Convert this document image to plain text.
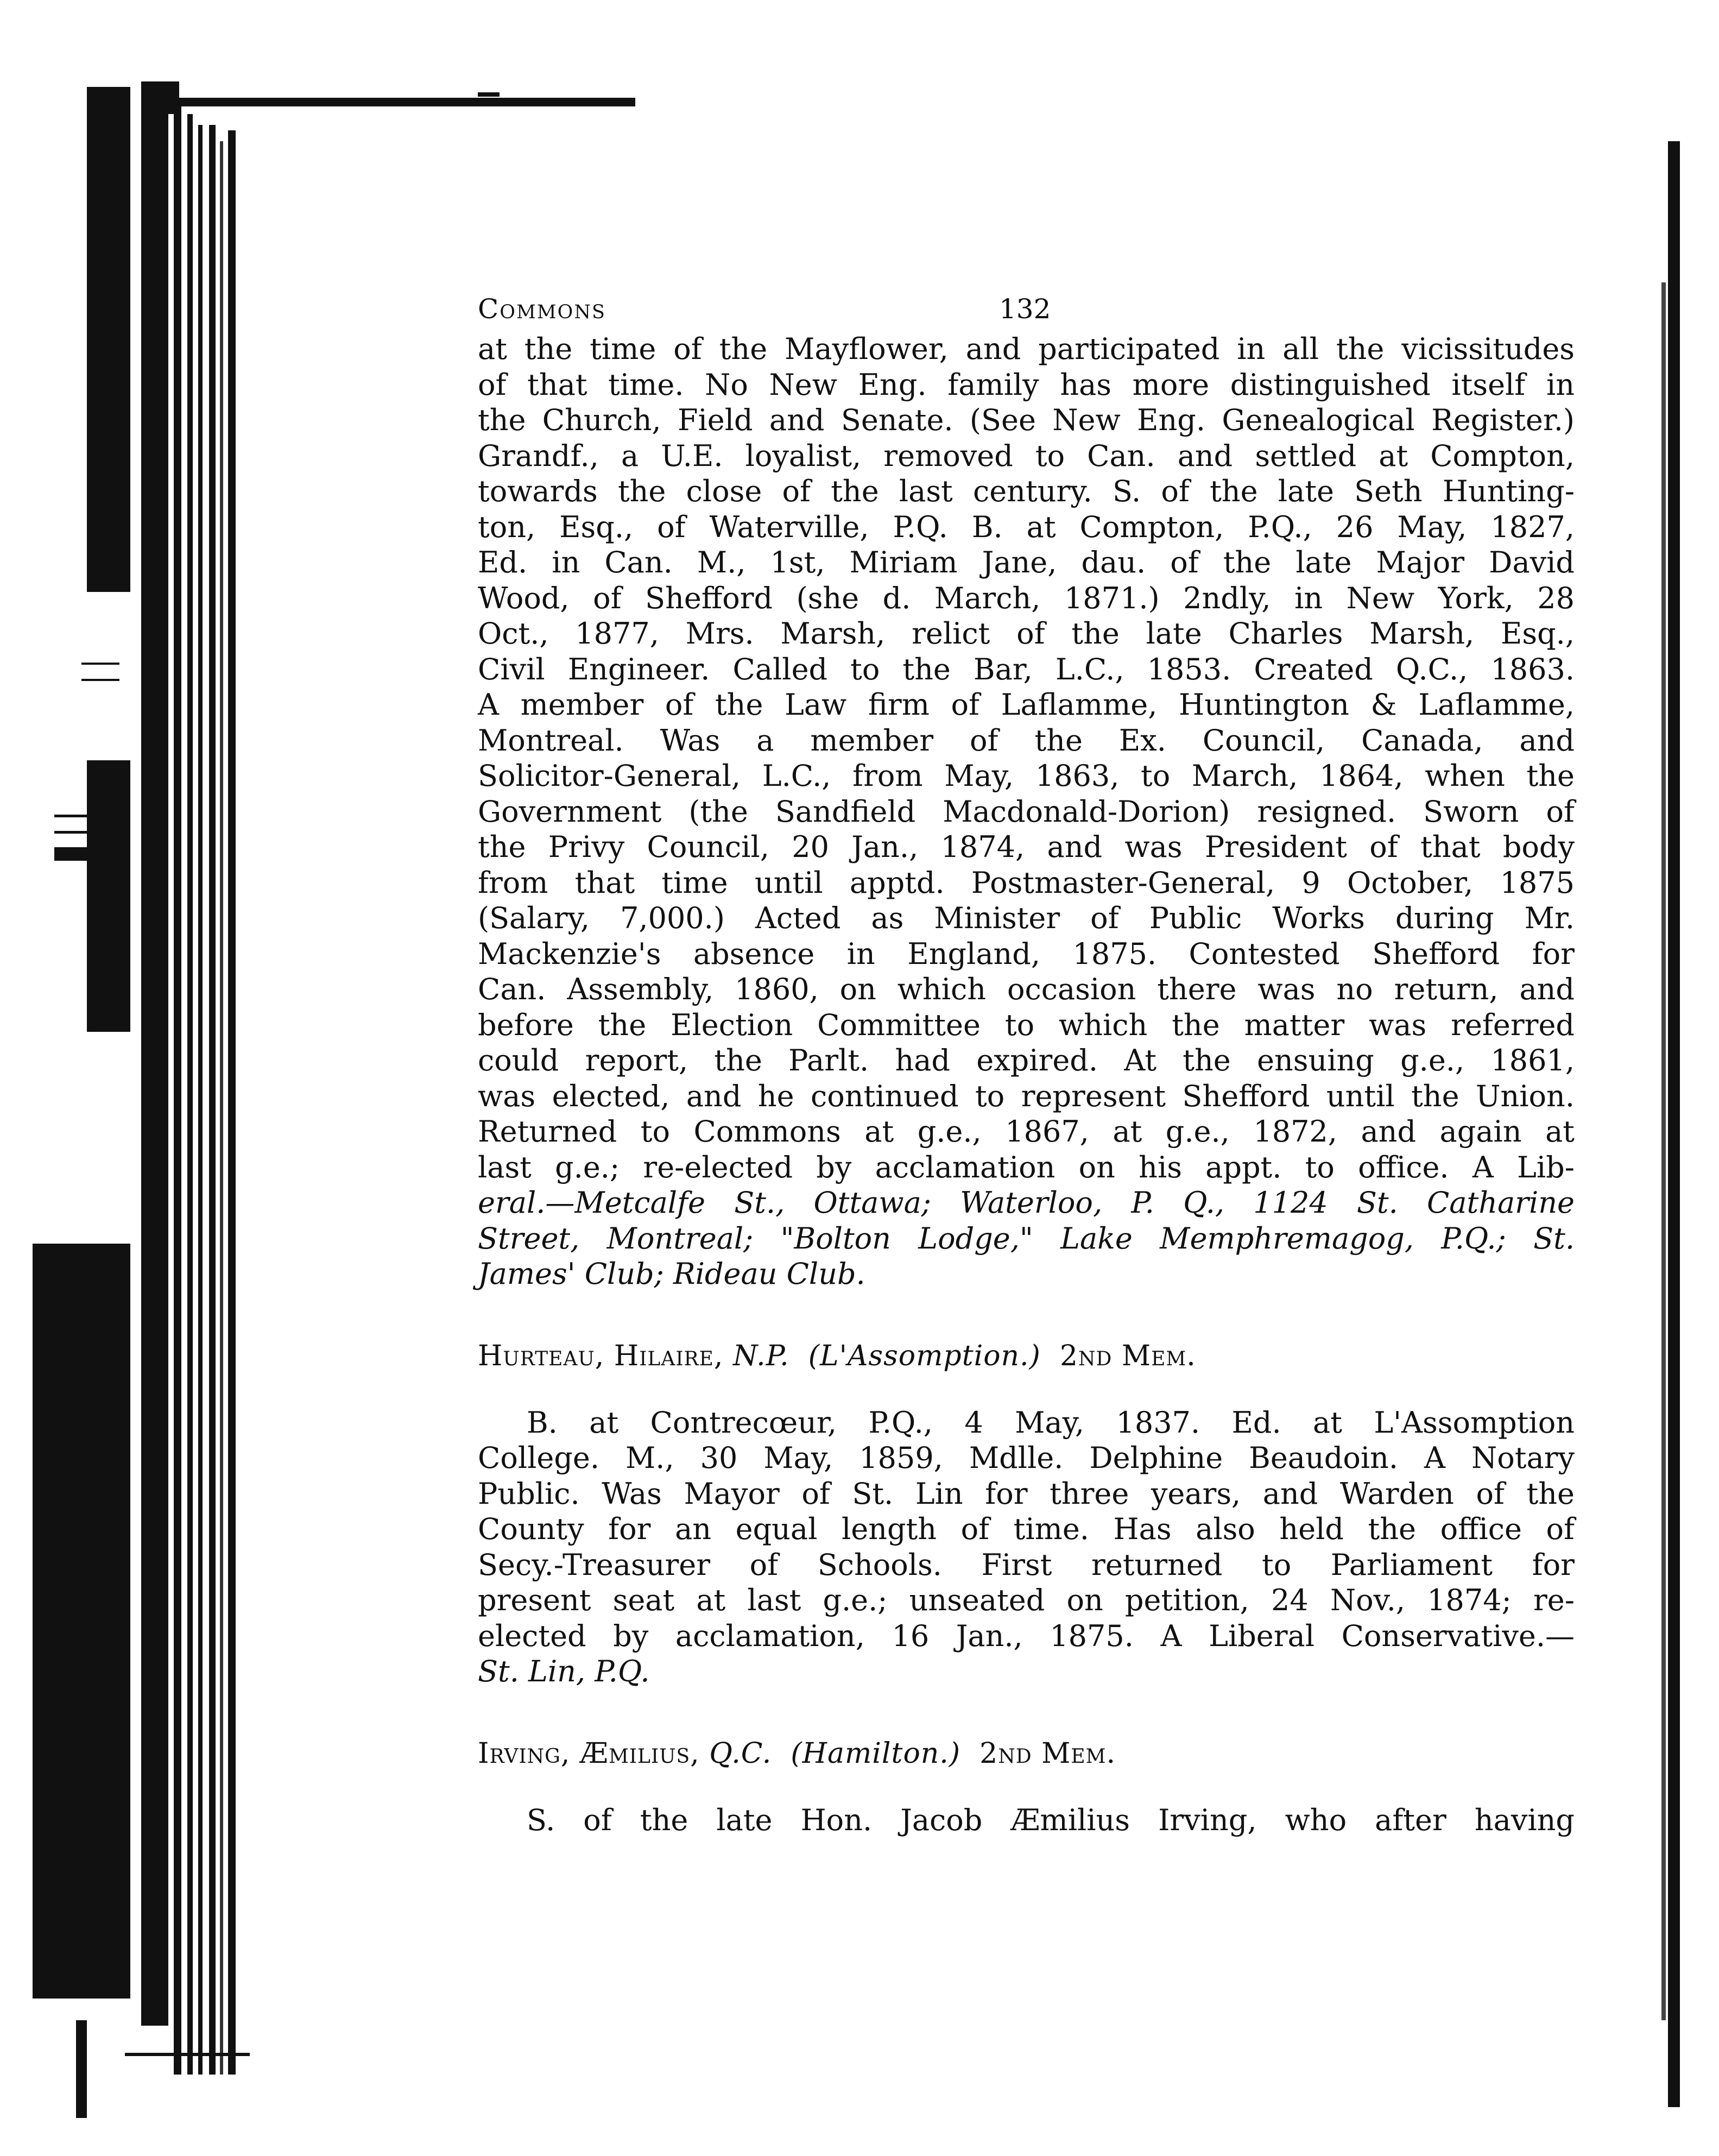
Commons	132
at the time of the Mayflower, and participated in all the vicissitudes
of that time. No New Eng. family has more distinguished itself in
the Church, Field and Senate. (See New Eng. Genealogical Register.)
Grandf., a U.E. loyalist, removed to Can. and settled at Compton,
towards the close of the last century. S. of the late Seth Hunting-
ton, Esq., of Waterville, P.Q. B. at Compton, P.Q., 26 May, 1827,
Ed. in Can. M., 1st, Miriam Jane, dau. of the late Major David
Wood, of Shefford (she d. March, 1871.) 2ndly, in New York, 28
Oct., 1877, Mrs. Marsh, relict of the late Charles Marsh, Esq.,
Civil Engineer. Called to the Bar, L.C., 1853. Created Q.C., 1863.
A member of the Law firm of Laflamme, Huntington & Laflamme,
Montreal. Was a member of the Ex. Council, Canada, and
Solicitor-General, L.C., from May, 1863, to March, 1864, when the
Government (the Sandfield Macdonald-Dorion) resigned. Sworn of
the Privy Council, 20 Jan., 1874, and was President of that body
from that time until apptd. Postmaster-General, 9 October, 1875
(Salary, 7,000.) Acted as Minister of Public Works during Mr.
Mackenzie's absence in England, 1875. Contested Shefford for
Can. Assembly, 1860, on which occasion there was no return, and
before the Election Committee to which the matter was referred
could report, the Parlt. had expired. At the ensuing g.e., 1861,
was elected, and he continued to represent Shefford until the Union.
Returned to Commons at g.e., 1867, at g.e., 1872, and again at
last g.e.; re-elected by acclamation on his appt. to office. A Lib-
eral.—Metcalfe St., Ottawa; Waterloo, P. Q., 1124 St. Catharine
Street, Montreal; "Bolton Lodge," Lake Memphremagog, P.Q.; St.
James' Club; Rideau Club.
Hurteau, Hilaire, N.P. (L'Assomption.) 2nd Mem.
B. at Contrecœur, P.Q., 4 May, 1837. Ed. at L'Assomption
College. M., 30 May, 1859, Mdlle. Delphine Beaudoin. A Notary
Public. Was Mayor of St. Lin for three years, and Warden of the
County for an equal length of time. Has also held the office of
Secy.-Treasurer of Schools. First returned to Parliament for
present seat at last g.e.; unseated on petition, 24 Nov., 1874; re-
elected by acclamation, 16 Jan., 1875. A Liberal Conservative.—
St. Lin, P.Q.
Irving, Æmilius, Q.C. (Hamilton.) 2nd Mem.
S. of the late Hon. Jacob Æmilius Irving, who after having
